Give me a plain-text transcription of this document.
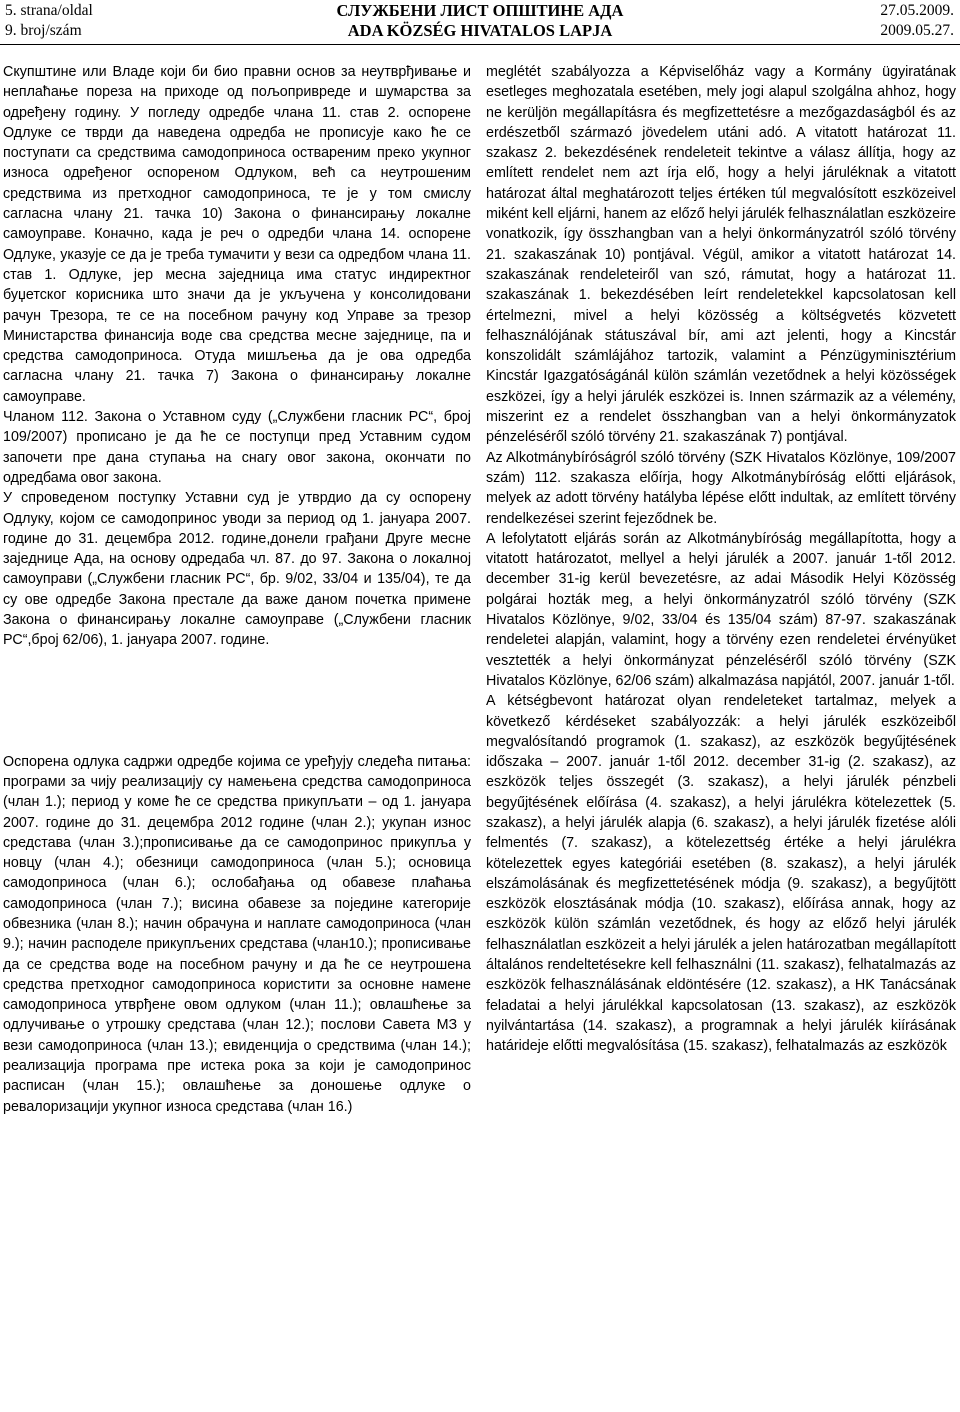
5. strana/oldal
9. broj/szám
СЛУЖБЕНИ ЛИСТ ОПШТИНЕ АДА
ADA KÖZSÉG HIVATALOS LAPJA
27.05.2009.
2009.05.27.

Скупштине или Владе који би био правни основ за неутврђивање и неплаћање пореза на приходе од пољопривреде и шумарства за одређену годину. У погледу одредбе члана 11. став 2. оспорене Одлуке се тврди да наведена одредба не прописује како ће се поступати са средствима самодоприноса оствареним преко укупног износа одређеног оспореном Одлуком, већ са неутрошеним средствима из претходног самодоприноса, те је у том смислу сагласна члану 21. тачка 10) Закона о финансирању локалне самоуправе. Коначно, када је реч о одредби члана 14. оспорене Одлуке, указује се да је треба тумачити у вези са одредбом члана 11. став 1. Одлуке, јер месна заједница има статус индиректног буџетског корисника што значи да је укључена у консолидовани рачун Трезора, те се на посебном рачуну код Управе за трезор Министарства финансија воде сва средства месне заједнице, па и средства самодоприноса. Отуда мишљења да је ова одредба сагласна члану 21. тачка 7) Закона о финансирању локалне самоуправе.

Чланом 112. Закона о Уставном суду („Службени гласник РС“, број 109/2007) прописано је да ће се поступци пред Уставним судом започети пре дана ступања на снагу овог закона, окончати по одредбама овог закона.

У спроведеном поступку Уставни суд је утврдио да су оспорену Одлуку, којом се самодопринос уводи за период од 1. јануара 2007. године до 31. децембра 2012. године,донели грађани Друге месне заједнице Ада, на основу одредаба чл. 87. до 97. Закона о локалној самоуправи („Службени гласник РС“, бр. 9/02, 33/04 и 135/04), те да су ове одредбе Закона престале да важе даном почетка примене Закона о финансирању локалне самоуправе („Службени гласник РС“,број 62/06), 1. јануара 2007. године.

Оспорена одлука садржи одредбе којима се уређују следећа питања: програми за чију реализацију су намењена средства самодоприноса (члан 1.); период у коме ће се средства прикупљати – од 1. јануара 2007. године до 31. децембра 2012 године (члан 2.); укупан износ средстава (члан 3.);прописивање да се самодопринос прикупља у новцу (члан 4.); обезници самодоприноса (члан 5.); основица самодоприноса (члан 6.); ослобађања од обавезе плаћања самодоприноса (члан 7.); висина обавезе за поједине категорије обвезника (члан 8.); начин обрачуна и наплате самодоприноса (члан 9.); начин расподеле прикупљених средстава (члан10.); прописивање да се средства воде на посебном рачуну и да ће се неутрошена средства претходног самодоприноса користити за основне намене самодоприноса утврђене овом одлуком (члан 11.); овлашћење за одлучивање о утрошку средстава (члан 12.); послови Савета МЗ у вези самодоприноса (члан 13.); евиденција о средствима (члан 14.); реализација програма пре истека рока за који је самодопринос расписан (члан 15.); овлашћење за доношење одлуке о ревалоризацији укупног износа средстава (члан 16.)

meglétét szabályozza a Képviselőház vagy a Kormány ügyiratának esetleges meghozatala esetében, mely jogi alapul szolgálna ahhoz, hogy ne kerüljön megállapításra és megfizettetésre a mezőgazdaságból és az erdészetből származó jövedelem utáni adó. A vitatott határozat 11. szakasz 2. bekezdésének rendeleteit tekintve a válasz állítja, hogy az említett rendelet nem azt írja elő, hogy a helyi járuléknak a vitatott határozat által meghatározott teljes értéken túl megvalósított eszközeivel miként kell eljárni, hanem az előző helyi járulék felhasználatlan eszközeire vonatkozik, így összhangban van a helyi önkormányzatról szóló törvény 21. szakaszának 10) pontjával. Végül, amikor a vitatott határozat 14. szakaszának rendeleteiről van szó, rámutat, hogy a határozat 11. szakaszának 1. bekezdésében leírt rendeletekkel kapcsolatosan kell értelmezni, mivel a helyi közösség a költségvetés közvetett felhasználójának státuszával bír, ami azt jelenti, hogy a Kincstár konszolidált számlájához tartozik, valamint a Pénzügyminisztérium Kincstár Igazgatóságánál külön számlán vezetődnek a helyi közösségek eszközei, így a helyi járulék eszközei is. Innen származik az a vélemény, miszerint ez a rendelet összhangban van a helyi önkormányzatok pénzeléséről szóló törvény 21. szakaszának 7) pontjával.

Az Alkotmánybíróságról szóló törvény (SZK Hivatalos Közlönye, 109/2007 szám) 112. szakasza előírja, hogy Alkotmánybíróság előtti eljárások, melyek az adott törvény hatályba lépése előtt indultak, az említett törvény rendelkezései szerint fejeződnek be.

A lefolytatott eljárás során az Alkotmánybíróság megállapította, hogy a vitatott határozatot, mellyel a helyi járulék a 2007. január 1-től 2012. december 31-ig kerül bevezetésre, az adai Második Helyi Közösség polgárai hozták meg, a helyi önkormányzatról szóló törvény (SZK Hivatalos Közlönye, 9/02, 33/04 és 135/04 szám) 87-97. szakaszának rendeletei alapján, valamint, hogy a törvény ezen rendeletei érvényüket vesztették a helyi önkormányzat pénzeléséről szóló törvény (SZK Hivatalos Közlönye, 62/06 szám) alkalmazása napjától, 2007. január 1-től.

A kétségbevont határozat olyan rendeleteket tartalmaz, melyek a következő kérdéseket szabályozzák: a helyi járulék eszközeiből megvalósítandó programok (1. szakasz), az eszközök begyűjtésének időszaka – 2007. január 1-től 2012. december 31-ig (2. szakasz), az eszközök teljes összegét (3. szakasz), a helyi járulék pénzbeli begyűjtésének előírása (4. szakasz), a helyi járulékra kötelezettek (5. szakasz), a helyi járulék alapja (6. szakasz), a helyi járulék fizetése alóli felmentés (7. szakasz), a kötelezettség értéke a helyi járulékra kötelezettek egyes kategóriái esetében (8. szakasz), a helyi járulék elszámolásának és megfizettetésének módja (9. szakasz), a begyűjtött eszközök elosztásának módja (10. szakasz), előírása annak, hogy az eszközök külön számlán vezetődnek, és hogy az előző helyi járulék felhasználatlan eszközeit a helyi járulék a jelen határozatban megállapított általános rendeltetésekre kell felhasználni (11. szakasz), felhatalmazás az eszközök felhasználásának eldöntésére (12. szakasz), a HK Tanácsának feladatai a helyi járulékkal kapcsolatosan (13. szakasz), az eszközök nyilvántartása (14. szakasz), a programnak a helyi járulék kiírásának határideje előtti megvalósítása (15. szakasz), felhatalmazás az eszközök
